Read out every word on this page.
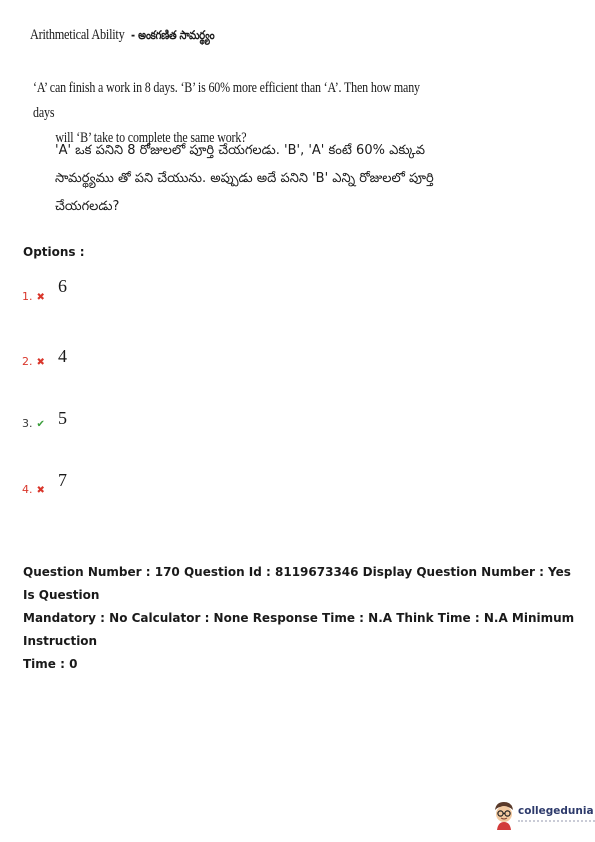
Arithmetical Ability - అంకగణిత సామర్థ్యం
‘A’ can finish a work in 8 days. ‘B’ is 60% more efficient than ‘A’. Then how many days
will ‘B’ take to complete the same work?
'A' ఒక పనిని 8 రోజులలో పూర్తి చేయగలడు. 'B', 'A' కంటే 60% ఎక్కువ
సామర్థ్యము తో పని చేయును. అప్పుడు అదే పనిని 'B' ఎన్ని రోజులలో పూర్తి
చేయగలడు?
Options :
1. ✖
6
2. ✖ 4
3. ✔ 5
4. ✖
7
Question Number : 170 Question Id : 8119673346 Display Question Number : Yes Is Question
Mandatory : No Calculator : None Response Time : N.A Think Time : N.A Minimum Instruction
Time : 0
collegedunia
